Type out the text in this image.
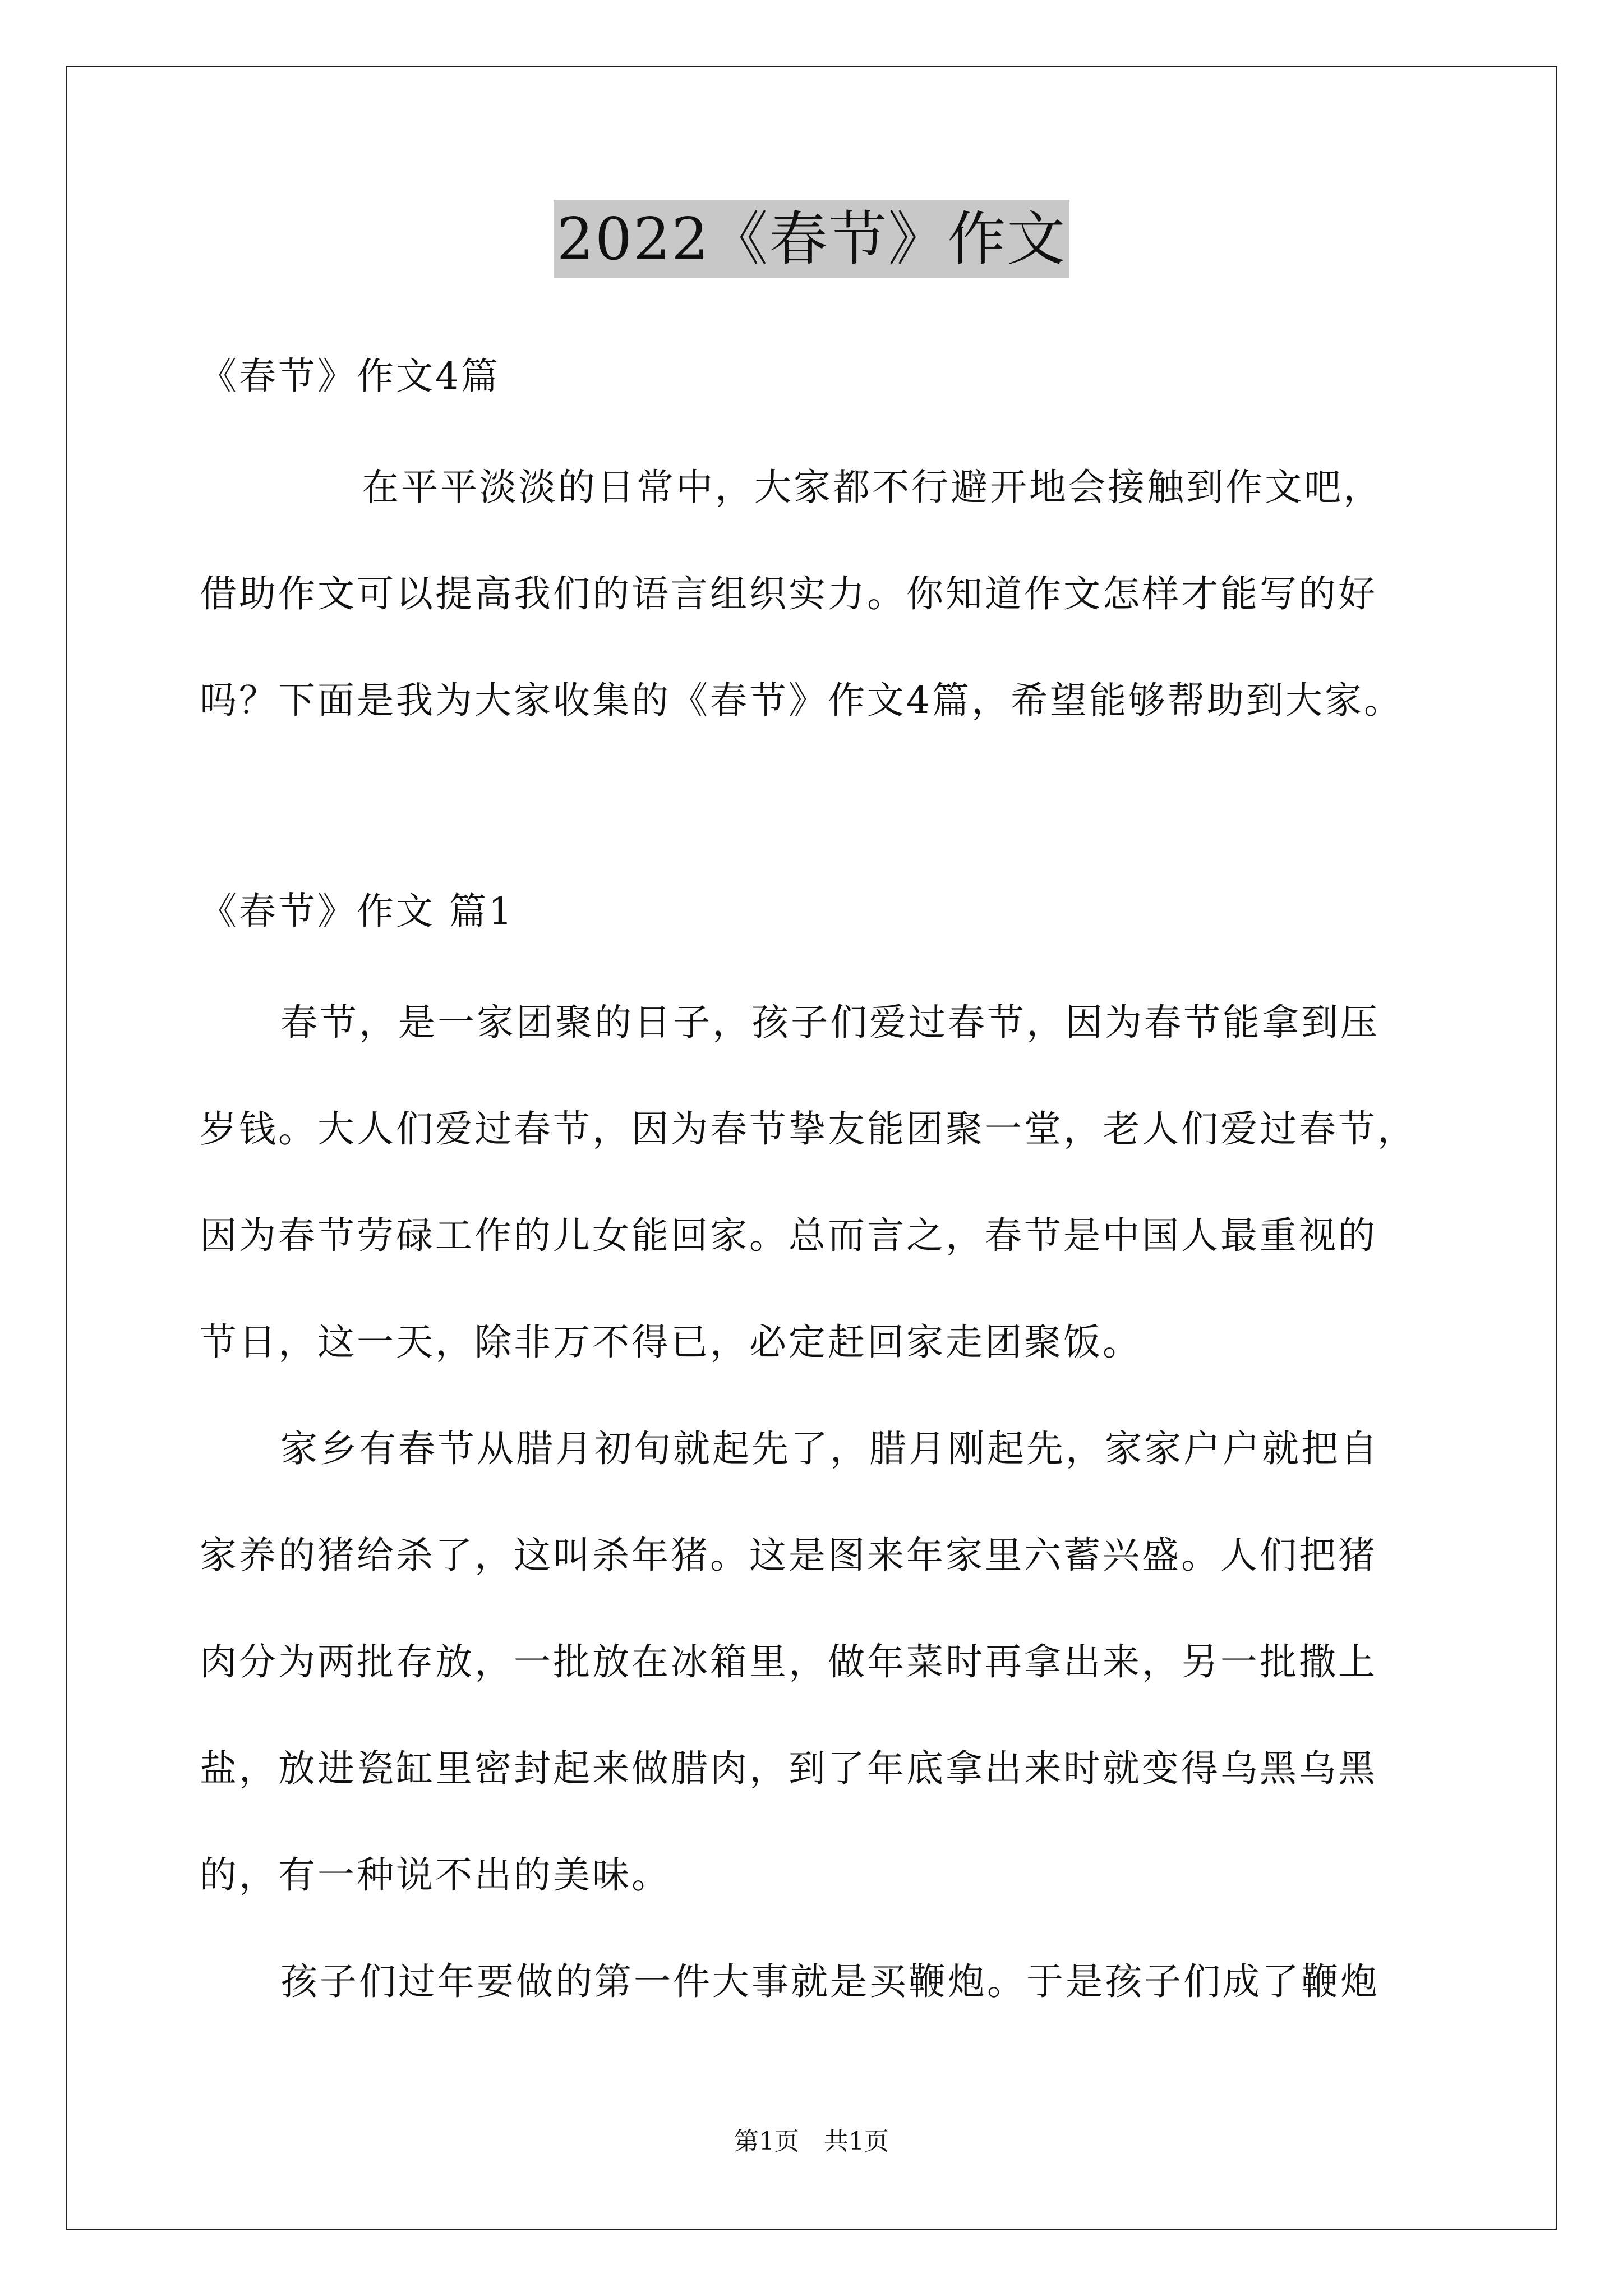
2022《春节》作文
《春节》作文4篇
在平平淡淡的日常中，大家都不行避开地会接触到作文吧，
借助作文可以提高我们的语言组织实力。你知道作文怎样才能写的好
吗？下面是我为大家收集的《春节》作文4篇，希望能够帮助到大家。
《春节》作文 篇1
春节，是一家团聚的日子，孩子们爱过春节，因为春节能拿到压
岁钱。大人们爱过春节，因为春节挚友能团聚一堂，老人们爱过春节，
因为春节劳碌工作的儿女能回家。总而言之，春节是中国人最重视的
节日，这一天，除非万不得已，必定赶回家走团聚饭。
家乡有春节从腊月初旬就起先了，腊月刚起先，家家户户就把自
家养的猪给杀了，这叫杀年猪。这是图来年家里六蓄兴盛。人们把猪
肉分为两批存放，一批放在冰箱里，做年菜时再拿出来，另一批撒上
盐，放进瓷缸里密封起来做腊肉，到了年底拿出来时就变得乌黑乌黑
的，有一种说不出的美味。
孩子们过年要做的第一件大事就是买鞭炮。于是孩子们成了鞭炮
第1页　共1页
